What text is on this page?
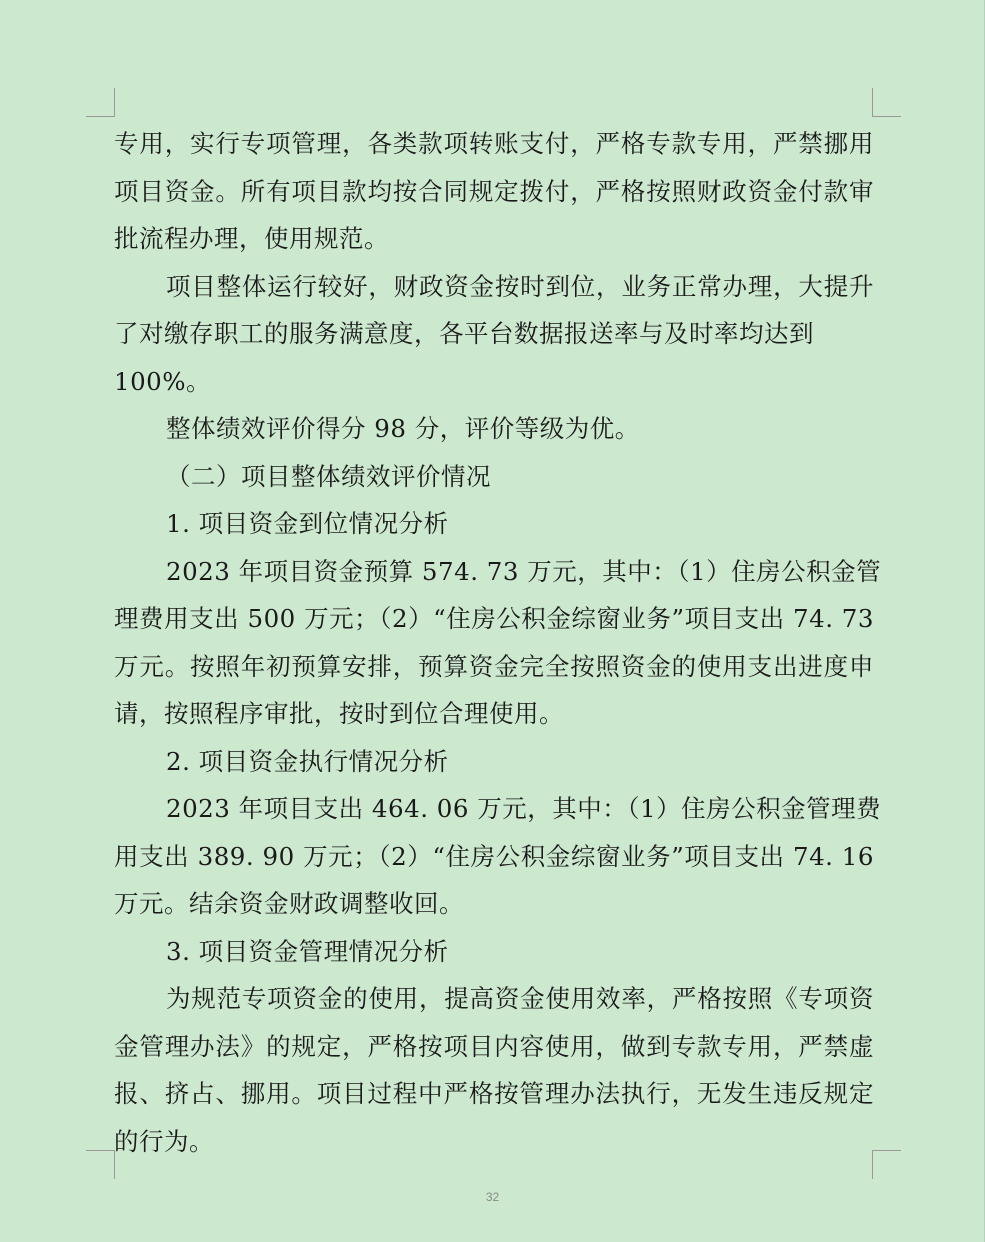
专用，实行专项管理，各类款项转账支付，严格专款专用，严禁挪用
项目资金。所有项目款均按合同规定拨付，严格按照财政资金付款审
批流程办理，使用规范。
项目整体运行较好，财政资金按时到位，业务正常办理，大提升
了对缴存职工的服务满意度，各平台数据报送率与及时率均达到
100%。
整体绩效评价得分 98 分，评价等级为优。
（二）项目整体绩效评价情况
1. 项目资金到位情况分析
2023 年项目资金预算 574. 73 万元，其中：（1）住房公积金管
理费用支出 500 万元；（2）“住房公积金综窗业务”项目支出 74. 73
万元。按照年初预算安排，预算资金完全按照资金的使用支出进度申
请，按照程序审批，按时到位合理使用。
2. 项目资金执行情况分析
2023 年项目支出 464. 06 万元，其中：（1）住房公积金管理费
用支出 389. 90 万元；（2）“住房公积金综窗业务”项目支出 74. 16
万元。结余资金财政调整收回。
3. 项目资金管理情况分析
为规范专项资金的使用，提高资金使用效率，严格按照《专项资
金管理办法》的规定，严格按项目内容使用，做到专款专用，严禁虚
报、挤占、挪用。项目过程中严格按管理办法执行，无发生违反规定
的行为。
32
